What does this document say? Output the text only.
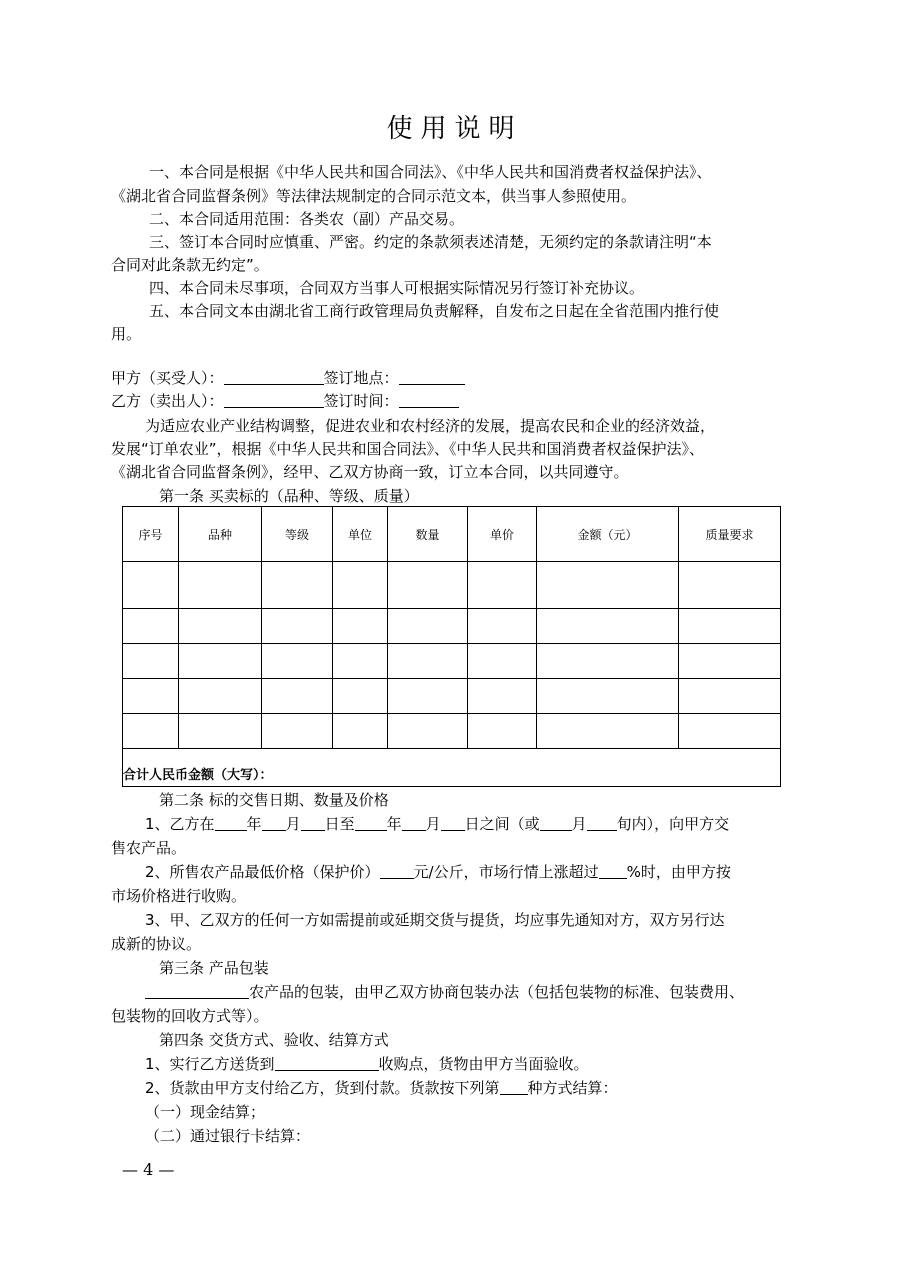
使用说明
一、本合同是根据《中华人民共和国合同法》、《中华人民共和国消费者权益保护法》、
《湖北省合同监督条例》等法律法规制定的合同示范文本，供当事人参照使用。
二、本合同适用范围：各类农（副）产品交易。
三、签订本合同时应慎重、严密。约定的条款须表述清楚，无须约定的条款请注明“本
合同对此条款无约定”。
四、本合同未尽事项，合同双方当事人可根据实际情况另行签订补充协议。
五、本合同文本由湖北省工商行政管理局负责解释，自发布之日起在全省范围内推行使
用。
甲方（买受人）：	签订地点：
乙方（卖出人）：	签订时间：
为适应农业产业结构调整，促进农业和农村经济的发展，提高农民和企业的经济效益，
发展“订单农业”，根据《中华人民共和国合同法》、《中华人民共和国消费者权益保护法》、
《湖北省合同监督条例》，经甲、乙双方协商一致，订立本合同，以共同遵守。
第一条 买卖标的（品种、等级、质量）
序号	品种	等级	单位	数量	单价	金额（元）	质量要求

合计人民币金额（大写）：							
第二条 标的交售日期、数量及价格
1、乙方在 年 月 日至 年 月 日之间（或 月 旬内），向甲方交
售农产品。
2、所售农产品最低价格（保护价） 元/公斤，市场行情上涨超过 %时，由甲方按
市场价格进行收购。
3、甲、乙双方的任何一方如需提前或延期交货与提货，均应事先通知对方，双方另行达
成新的协议。
第三条 产品包装
农产品的包装，由甲乙双方协商包装办法（包括包装物的标准、包装费用、
包装物的回收方式等）。
第四条 交货方式、验收、结算方式
1、实行乙方送货到	收购点，货物由甲方当面验收。
2、货款由甲方支付给乙方，货到付款。货款按下列第 种方式结算：
（一）现金结算；
（二）通过银行卡结算：
— 4 —
